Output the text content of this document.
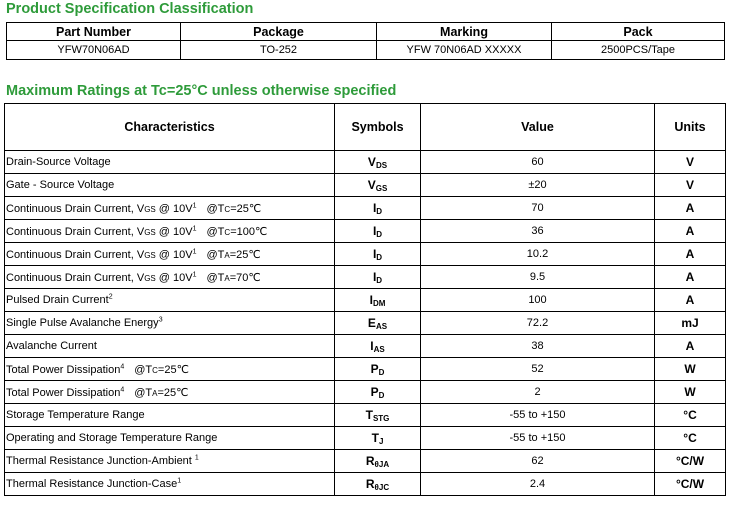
Product Specification Classification
Part Number	Package	Marking	Pack
YFW70N06AD	TO-252	YFW 70N06AD XXXXX	2500PCS/Tape
Maximum Ratings at Tc=25°C unless otherwise specified
Characteristics	Symbols	Value	Units
Drain-Source Voltage	$V_{DS}$	60	V
Gate - Source Voltage	$V_{GS}$	±20	V
Continuous Drain Current, VGS @ $10V^1$ @TC=25℃	$I_D$	70	A
Continuous Drain Current, VGS @ $10V^1$ @TC=100℃	$I_D$	36	A
Continuous Drain Current, VGS @ $10V^1$ @TA=25℃	$I_D$	10.2	A
Continuous Drain Current, VGS @ $10V^1$ @TA=70℃	$I_D$	9.5	A
Pulsed Drain Current$^2$	$I_{DM}$	100	A
Single Pulse Avalanche Energy$^3$	$E_{AS}$	72.2	mJ
Avalanche Current	$I_{AS}$	38	A
Total Power Dissipation$^4$ @TC=25℃	$P_D$	52	W
Total Power Dissipation$^4$ @TA=25℃	$P_D$	2	W
Storage Temperature Range	$T_{STG}$	-55 to +150	°C
Operating and Storage Temperature Range	$T_J$	-55 to +150	°C
Thermal Resistance Junction-Ambient $^1$	$R_{\theta JA}$	62	°C/W
Thermal Resistance Junction-Case$^1$	$R_{\theta JC}$	2.4	°C/W
